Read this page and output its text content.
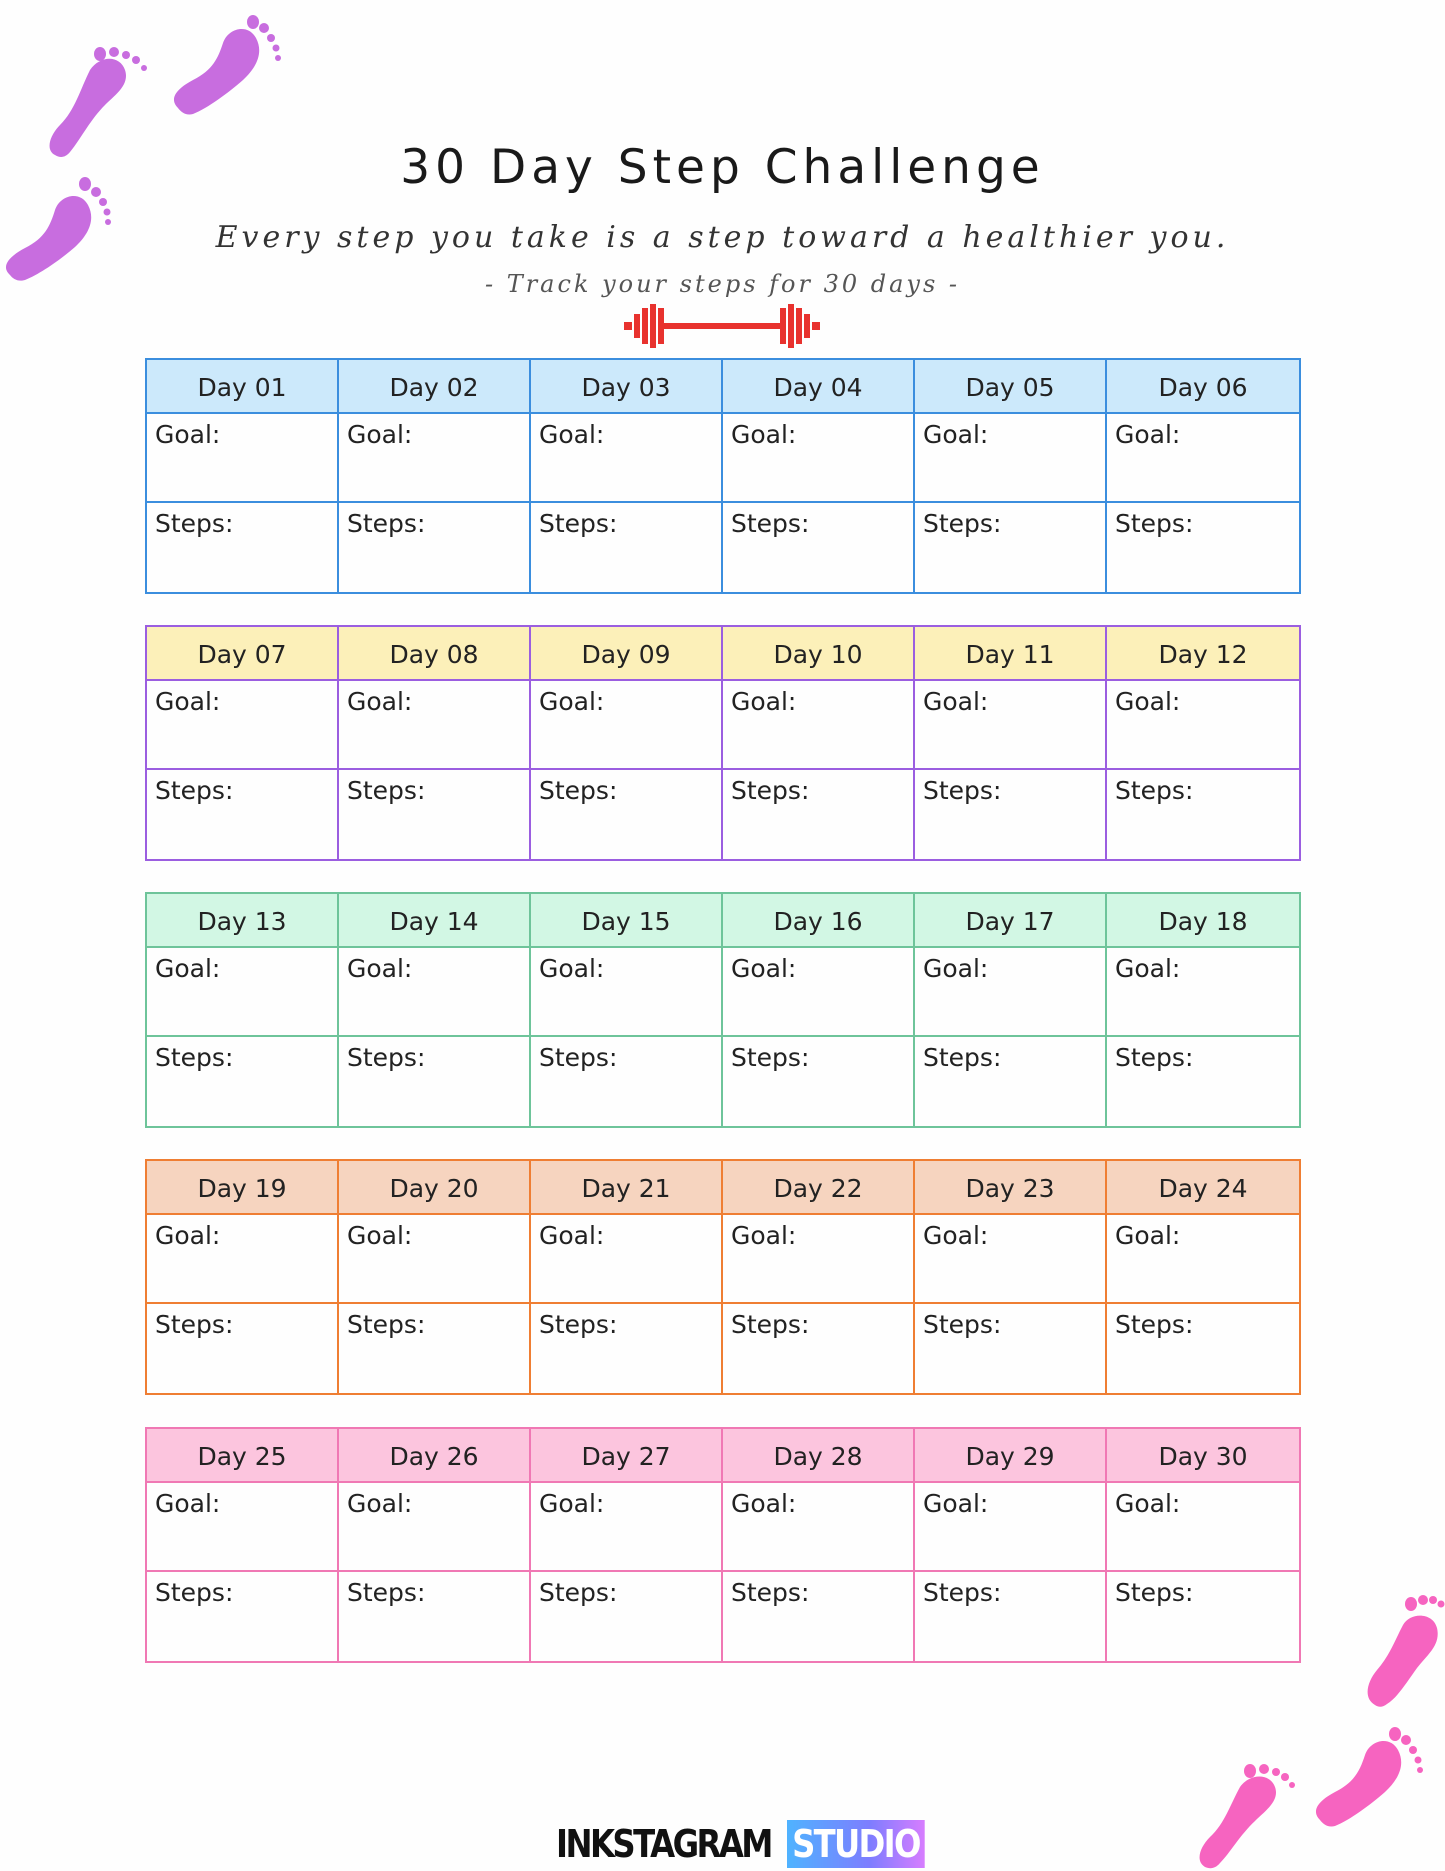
30 Day Step Challenge
Every step you take is a step toward a healthier you.
- Track your steps for 30 days -
Day 01
Goal:
Steps:
Day 02
Goal:
Steps:
Day 03
Goal:
Steps:
Day 04
Goal:
Steps:
Day 05
Goal:
Steps:
Day 06
Goal:
Steps:
Day 07
Goal:
Steps:
Day 08
Goal:
Steps:
Day 09
Goal:
Steps:
Day 10
Goal:
Steps:
Day 11
Goal:
Steps:
Day 12
Goal:
Steps:
Day 13
Goal:
Steps:
Day 14
Goal:
Steps:
Day 15
Goal:
Steps:
Day 16
Goal:
Steps:
Day 17
Goal:
Steps:
Day 18
Goal:
Steps:
Day 19
Goal:
Steps:
Day 20
Goal:
Steps:
Day 21
Goal:
Steps:
Day 22
Goal:
Steps:
Day 23
Goal:
Steps:
Day 24
Goal:
Steps:
Day 25
Goal:
Steps:
Day 26
Goal:
Steps:
Day 27
Goal:
Steps:
Day 28
Goal:
Steps:
Day 29
Goal:
Steps:
Day 30
Goal:
Steps:
INKSTAGRAM STUDIO
